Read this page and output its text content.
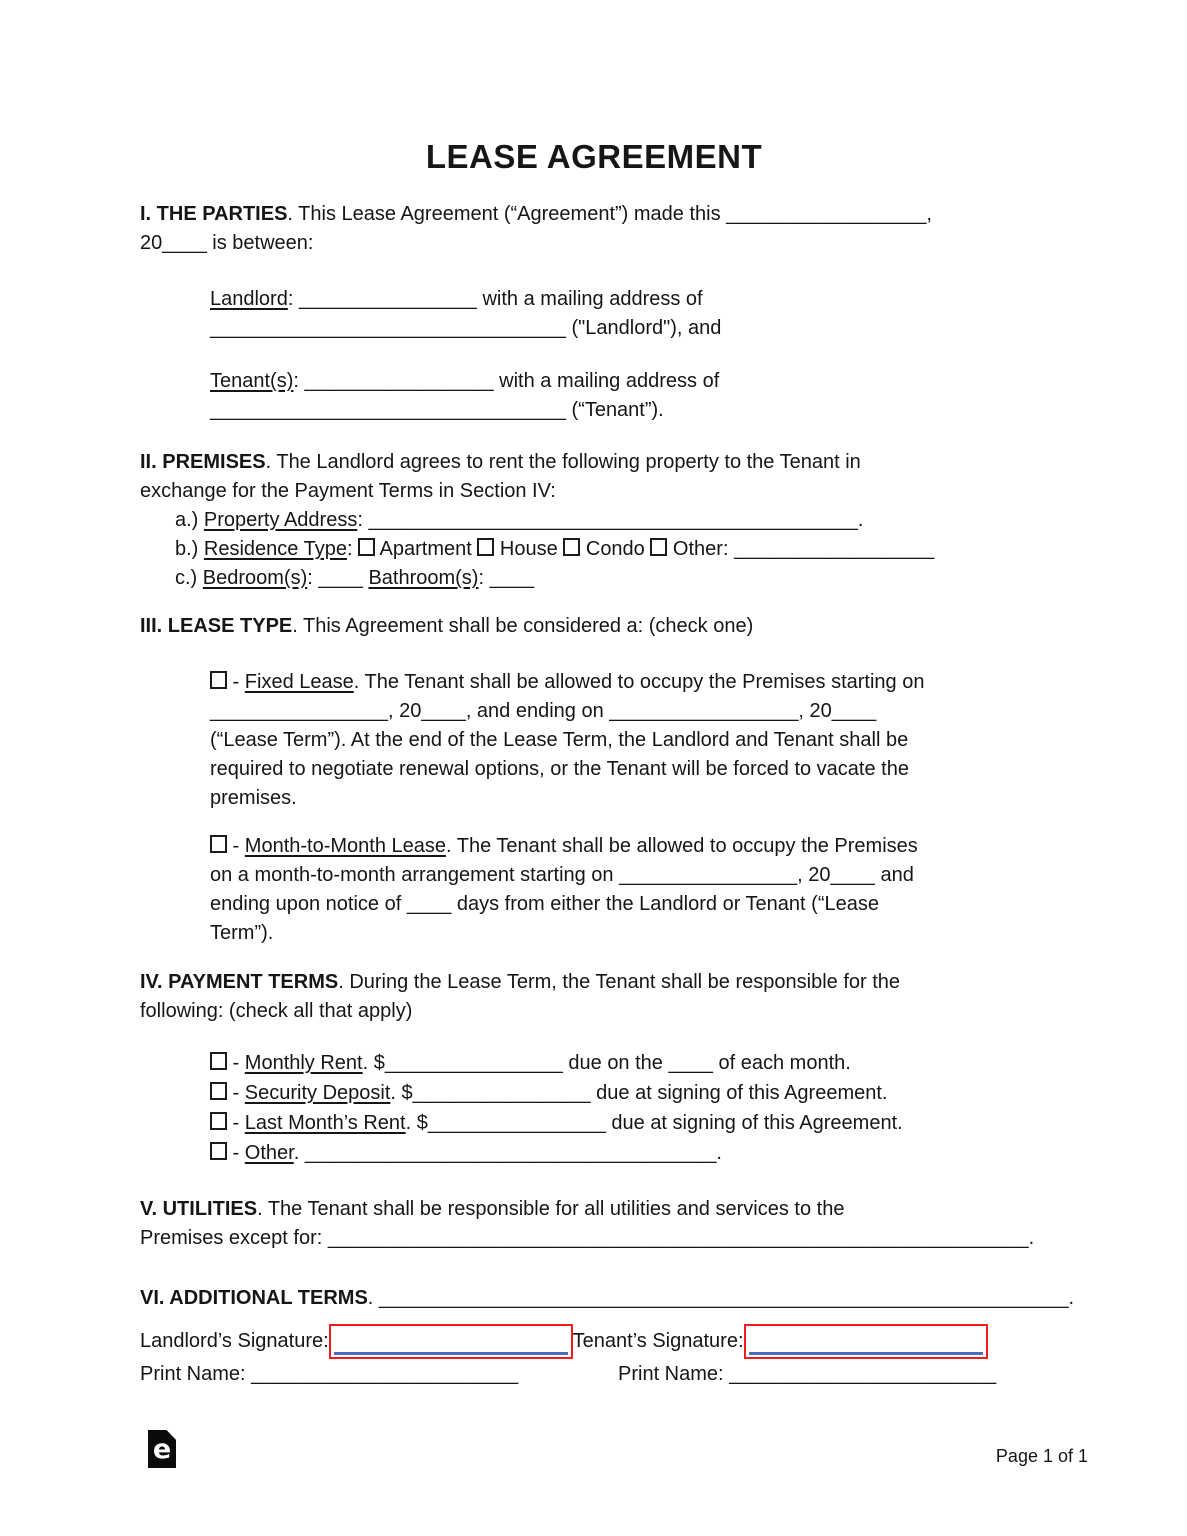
LEASE AGREEMENT
I. THE PARTIES. This Lease Agreement (“Agreement”) made this __________________,
20____ is between:
Landlord: ________________ with a mailing address of
________________________________ ("Landlord"), and
Tenant(s): _________________ with a mailing address of
________________________________ (“Tenant”).
II. PREMISES. The Landlord agrees to rent the following property to the Tenant in
exchange for the Payment Terms in Section IV:
a.) Property Address: ____________________________________________.
b.) Residence Type:  Apartment  House  Condo  Other: __________________
c.) Bedroom(s): ____ Bathroom(s): ____
III. LEASE TYPE. This Agreement shall be considered a: (check one)
- Fixed Lease. The Tenant shall be allowed to occupy the Premises starting on
________________, 20____, and ending on _________________, 20____
(“Lease Term”). At the end of the Lease Term, the Landlord and Tenant shall be
required to negotiate renewal options, or the Tenant will be forced to vacate the
premises.
- Month-to-Month Lease. The Tenant shall be allowed to occupy the Premises
on a month-to-month arrangement starting on ________________, 20____ and
ending upon notice of ____ days from either the Landlord or Tenant (“Lease
Term”).
IV. PAYMENT TERMS. During the Lease Term, the Tenant shall be responsible for the
following: (check all that apply)
- Monthly Rent. $________________ due on the ____ of each month.
- Security Deposit. $________________ due at signing of this Agreement.
- Last Month’s Rent. $________________ due at signing of this Agreement.
- Other. _____________________________________.
V. UTILITIES. The Tenant shall be responsible for all utilities and services to the
Premises except for: _______________________________________________________________.
VI. ADDITIONAL TERMS. ______________________________________________________________.
Landlord’s Signature:	Tenant’s Signature:
Print Name: ________________________	Print Name: ________________________
e	Page 1 of 1
